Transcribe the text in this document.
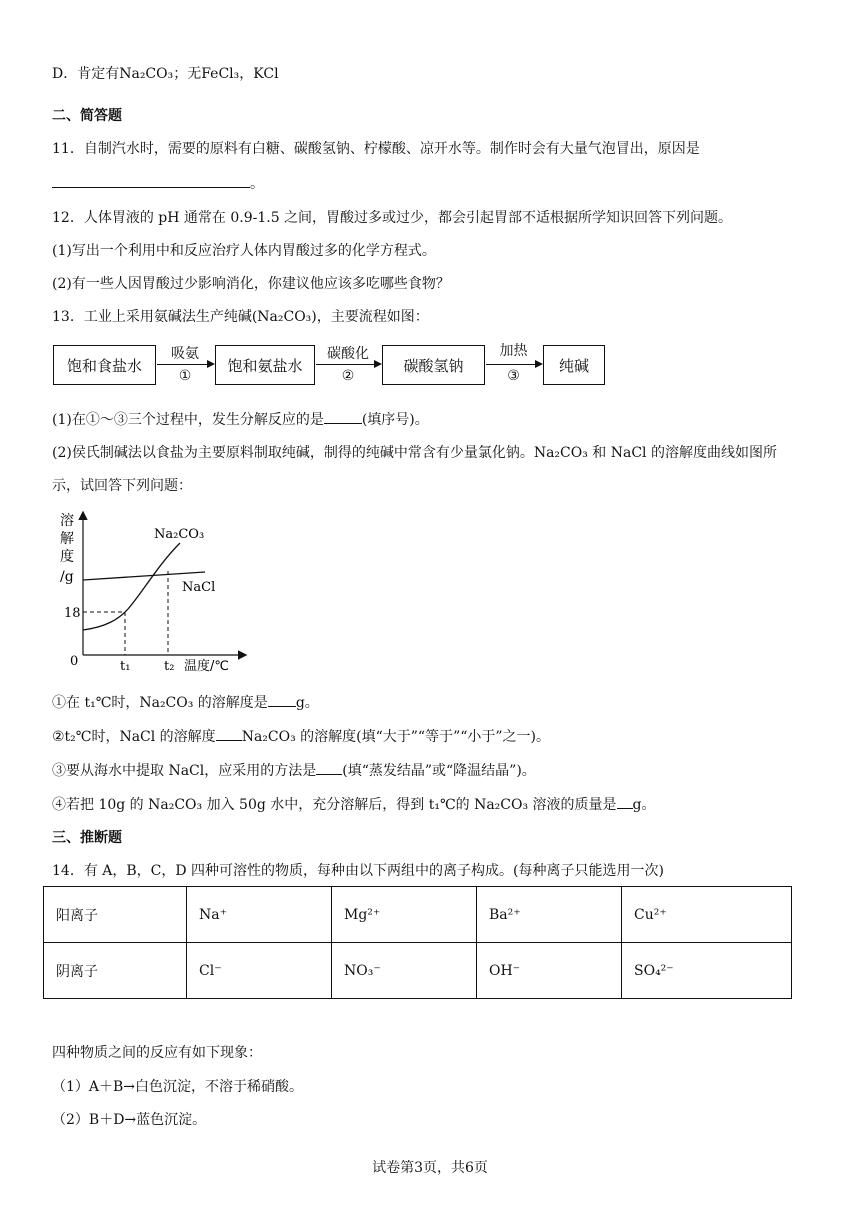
D．肯定有Na₂CO₃；无FeCl₃，KCl
二、简答题
11．自制汽水时，需要的原料有白糖、碳酸氢钠、柠檬酸、凉开水等。制作时会有大量气泡冒出，原因是
。
12．人体胃液的 pH 通常在 0.9-1.5 之间，胃酸过多或过少，都会引起胃部不适根据所学知识回答下列问题。
(1)写出一个利用中和反应治疗人体内胃酸过多的化学方程式。
(2)有一些人因胃酸过少影响消化，你建议他应该多吃哪些食物？
13．工业上采用氨碱法生产纯碱(Na₂CO₃)，主要流程如图：
饱和食盐水	饱和氨盐水	碳酸氢钠	纯碱
吸氨
①
碳酸化
②
加热
③
(1)在①～③三个过程中，发生分解反应的是	(填序号)。
(2)侯氏制碱法以食盐为主要原料制取纯碱，制得的纯碱中常含有少量氯化钠。Na₂CO₃ 和 NaCl 的溶解度曲线如图所
示，试回答下列问题：
溶
解
度
/g
18
0
Na₂CO₃
NaCl
t₁	t₂ 温度/℃
①在 t₁℃时，Na₂CO₃ 的溶解度是 g。
②t₂℃时，NaCl 的溶解度 Na₂CO₃ 的溶解度(填“大于”“等于”“小于”之一)。
③要从海水中提取 NaCl，应采用的方法是 (填“蒸发结晶”或“降温结晶”)。
④若把 10g 的 Na₂CO₃ 加入 50g 水中，充分溶解后，得到 t₁℃的 Na₂CO₃ 溶液的质量是 g。
三、推断题
14．有 A，B，C，D 四种可溶性的物质，每种由以下两组中的离子构成。(每种离子只能选用一次)
阳离子	Na⁺	Mg²⁺	Ba²⁺	Cu²⁺
阴离子	Cl⁻	NO₃⁻	OH⁻	SO₄²⁻
四种物质之间的反应有如下现象：
（1）A＋B→白色沉淀，不溶于稀硝酸。
（2）B＋D→蓝色沉淀。
试卷第3页，共6页
